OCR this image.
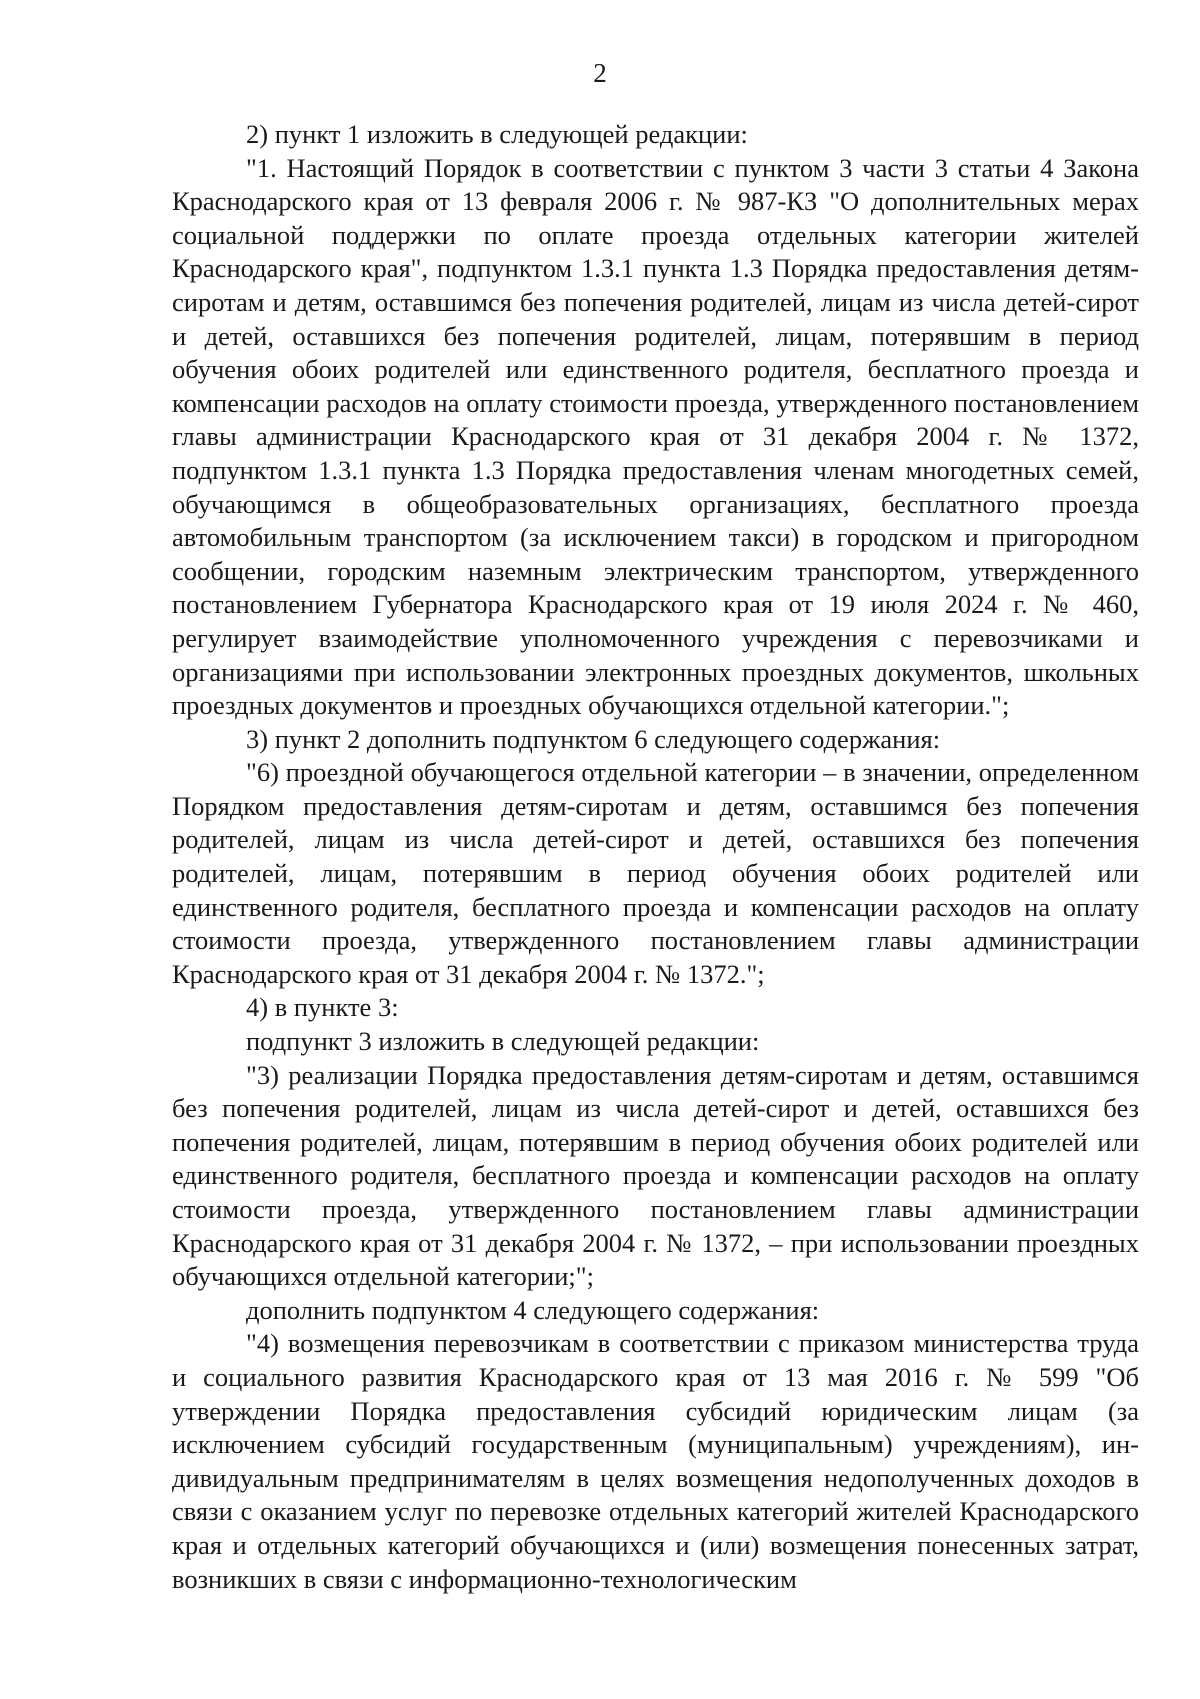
2

2) пункт 1 изложить в следующей редакции:

"1. Настоящий Порядок в соответствии с пунктом 3 части 3 статьи 4 Закона Краснодарского края от 13 февраля 2006 г. № 987-КЗ "О дополнительных мерах социальной поддержки по оплате проезда отдельных категории жителей Краснодарского края", подпунктом 1.3.1 пункта 1.3 Порядка предоставления детям-сиротам и детям, оставшимся без попечения родителей, лицам из числа детей-сирот и детей, оставшихся без попечения родителей, лицам, потерявшим в период обучения обоих родителей или единственного родителя, бесплатного проезда и компенсации расходов на оплату стоимости проезда, утвержденного постановлением главы администрации Краснодарского края от 31 декабря 2004 г. № 1372, подпунктом 1.3.1 пункта 1.3 Порядка предоставления членам многодетных семей, обучающимся в общеобразовательных организациях, бесплатного проезда автомобильным транспортом (за исключением такси) в городском и пригородном сообщении, городским наземным электрическим транспортом, утвержденного постановлением Губернатора Краснодарского края от 19 июля 2024 г. № 460, регулирует взаимодействие уполномоченного учреждения с перевозчиками и организациями при использовании электронных проездных документов, школьных проездных документов и проездных обучающихся отдельной категории.";

3) пункт 2 дополнить подпунктом 6 следующего содержания:

"6) проездной обучающегося отдельной категории – в значении, определенном Порядком предоставления детям-сиротам и детям, оставшимся без попечения родителей, лицам из числа детей-сирот и детей, оставшихся без попечения родителей, лицам, потерявшим в период обучения обоих родителей или единственного родителя, бесплатного проезда и компенсации расходов на оплату стоимости проезда, утвержденного постановлением главы администрации Краснодарского края от 31 декабря 2004 г. № 1372.";

4) в пункте 3:

подпункт 3 изложить в следующей редакции:

"3) реализации Порядка предоставления детям-сиротам и детям, оставшимся без попечения родителей, лицам из числа детей-сирот и детей, оставшихся без попечения родителей, лицам, потерявшим в период обучения обоих родителей или единственного родителя, бесплатного проезда и компенсации расходов на оплату стоимости проезда, утвержденного постановлением главы администрации Краснодарского края от 31 декабря 2004 г. № 1372, – при использовании проездных обучающихся отдельной категории;";

дополнить подпунктом 4 следующего содержания:

"4) возмещения перевозчикам в соответствии с приказом министерства труда и социального развития Краснодарского края от 13 мая 2016 г. № 599 "Об утверждении Порядка предоставления субсидий юридическим лицам (за исключением субсидий государственным (муниципальным) учреждениям), индивидуальным предпринимателям в целях возмещения недополученных доходов в связи с оказанием услуг по перевозке отдельных категорий жителей Краснодарского края и отдельных категорий обучающихся и (или) возмещения понесенных затрат, возникших в связи с информационно-технологическим
